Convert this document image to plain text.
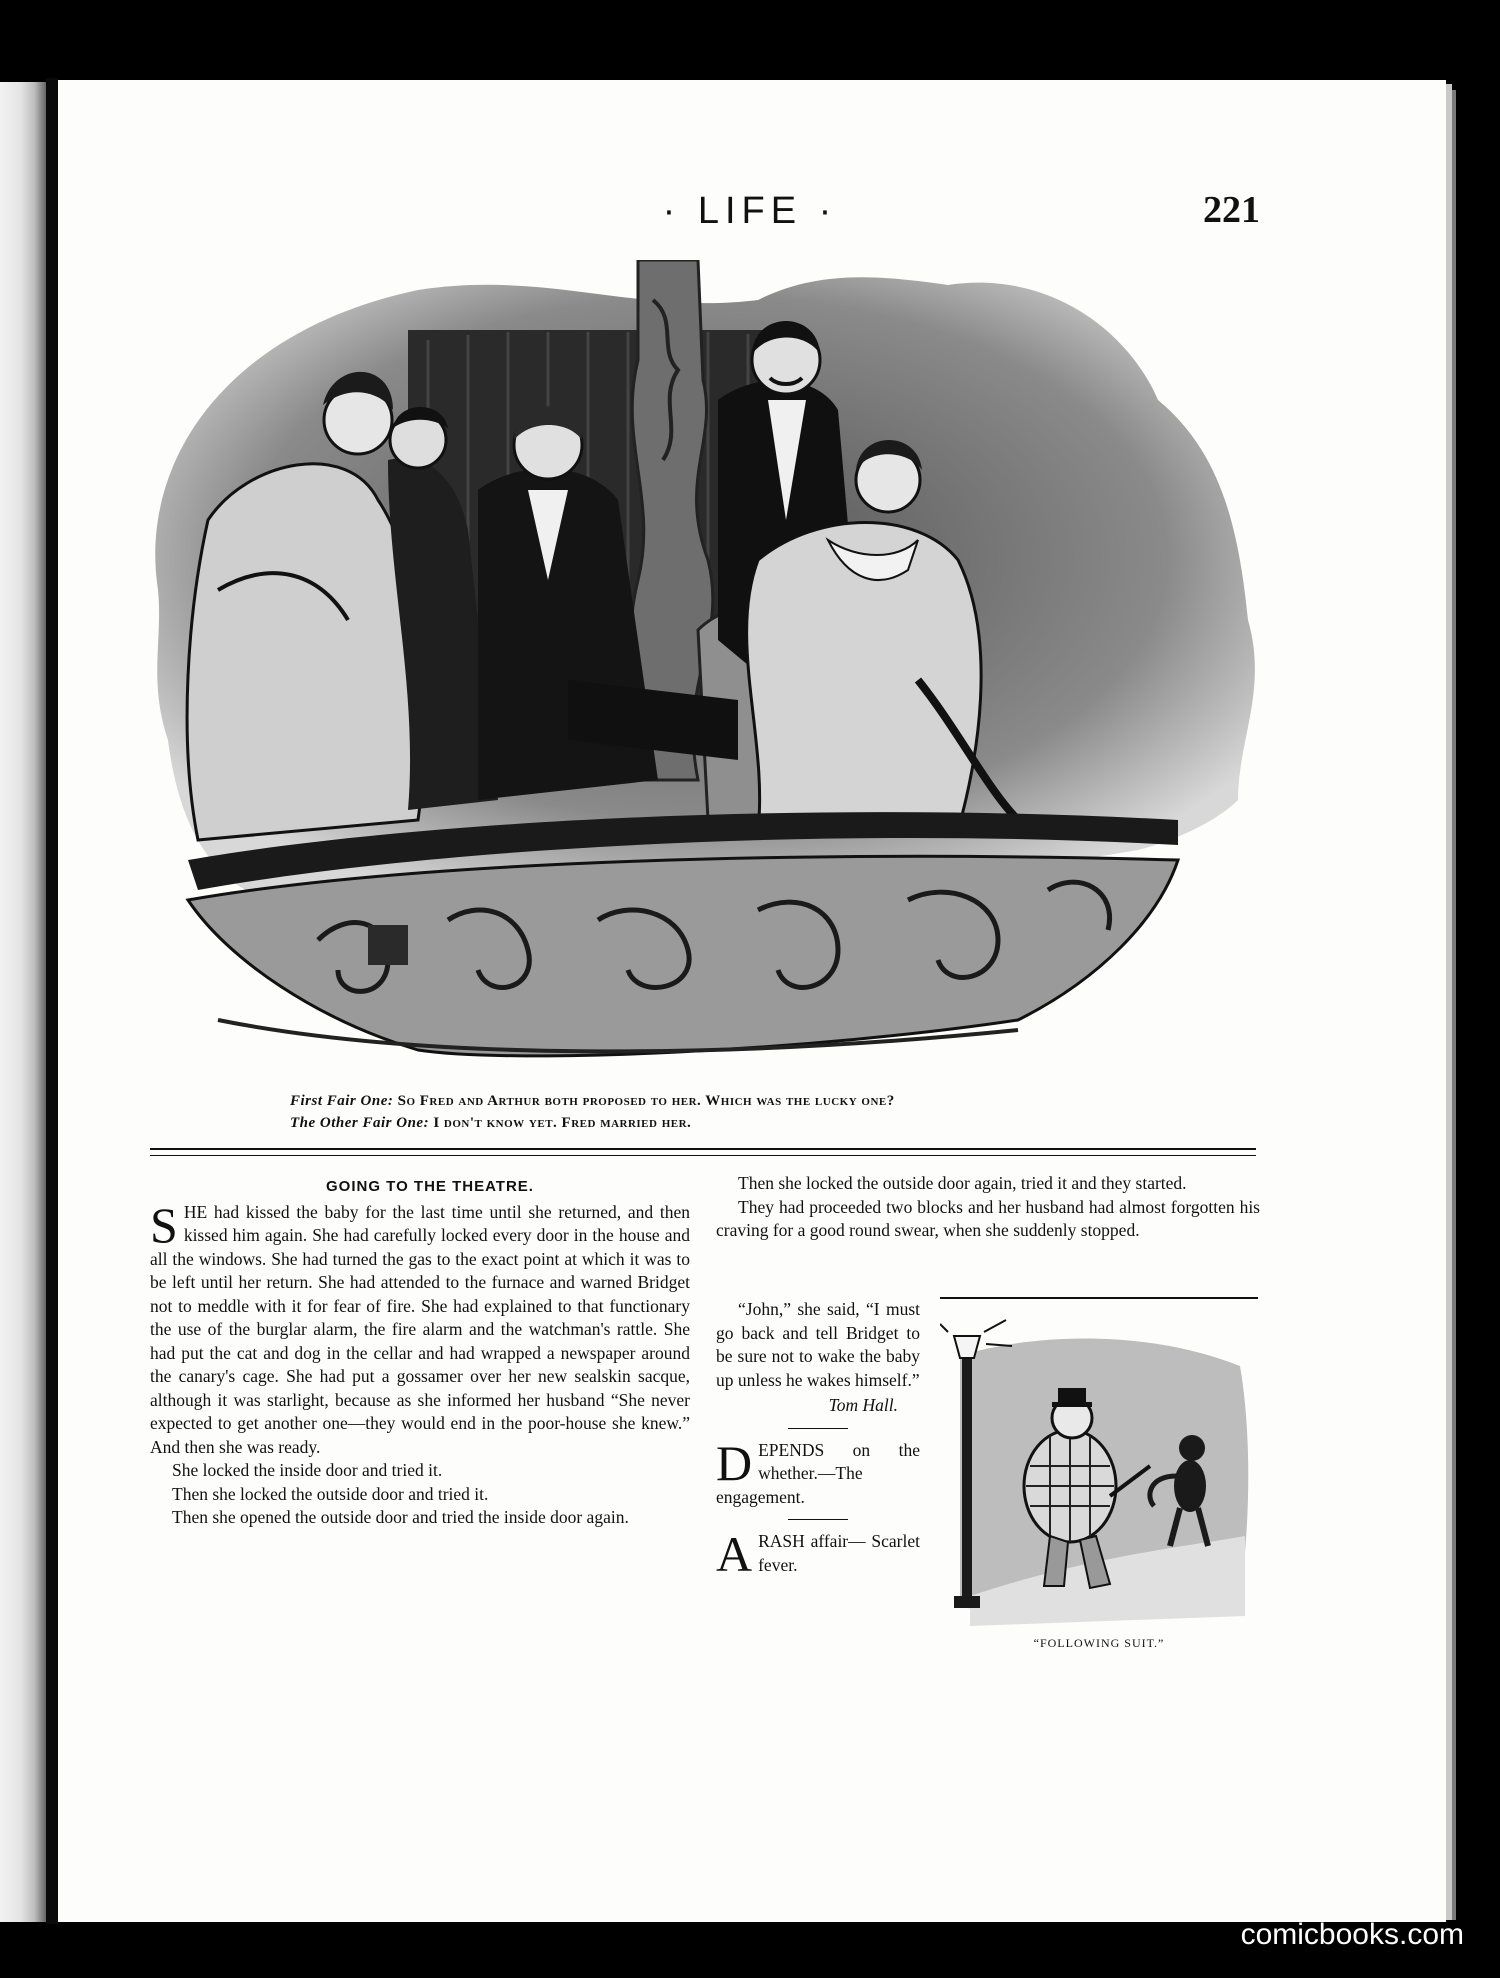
· LIFE ·	221
First Fair One: So Fred and Arthur both proposed to her. Which was the lucky one?
The Other Fair One: I don't know yet. Fred married her.
GOING TO THE THEATRE.

SHE had kissed the baby for the last time until she returned, and then kissed him again. She had carefully locked every door in the house and all the windows. She had turned the gas to the exact point at which it was to be left until her return. She had attended to the furnace and warned Bridget not to meddle with it for fear of fire. She had explained to that functionary the use of the burglar alarm, the fire alarm and the watchman's rattle. She had put the cat and dog in the cellar and had wrapped a newspaper around the canary's cage. She had put a gossamer over her new sealskin sacque, although it was starlight, because as she informed her husband “She never expected to get another one—they would end in the poor-house she knew.” And then she was ready.

She locked the inside door and tried it.

Then she locked the outside door and tried it.

Then she opened the outside door and tried the inside door again.

Then she locked the outside door again, tried it and they started.

They had proceeded two blocks and her husband had almost forgotten his craving for a good round swear, when she suddenly stopped.

“John,” she said, “I must go back and tell Bridget to be sure not to wake the baby up unless he wakes himself.”

Tom Hall.

DEPENDS on the whether.—The engagement.

ARASH affair— Scarlet fever.

“FOLLOWING SUIT.”
comicbooks.com
